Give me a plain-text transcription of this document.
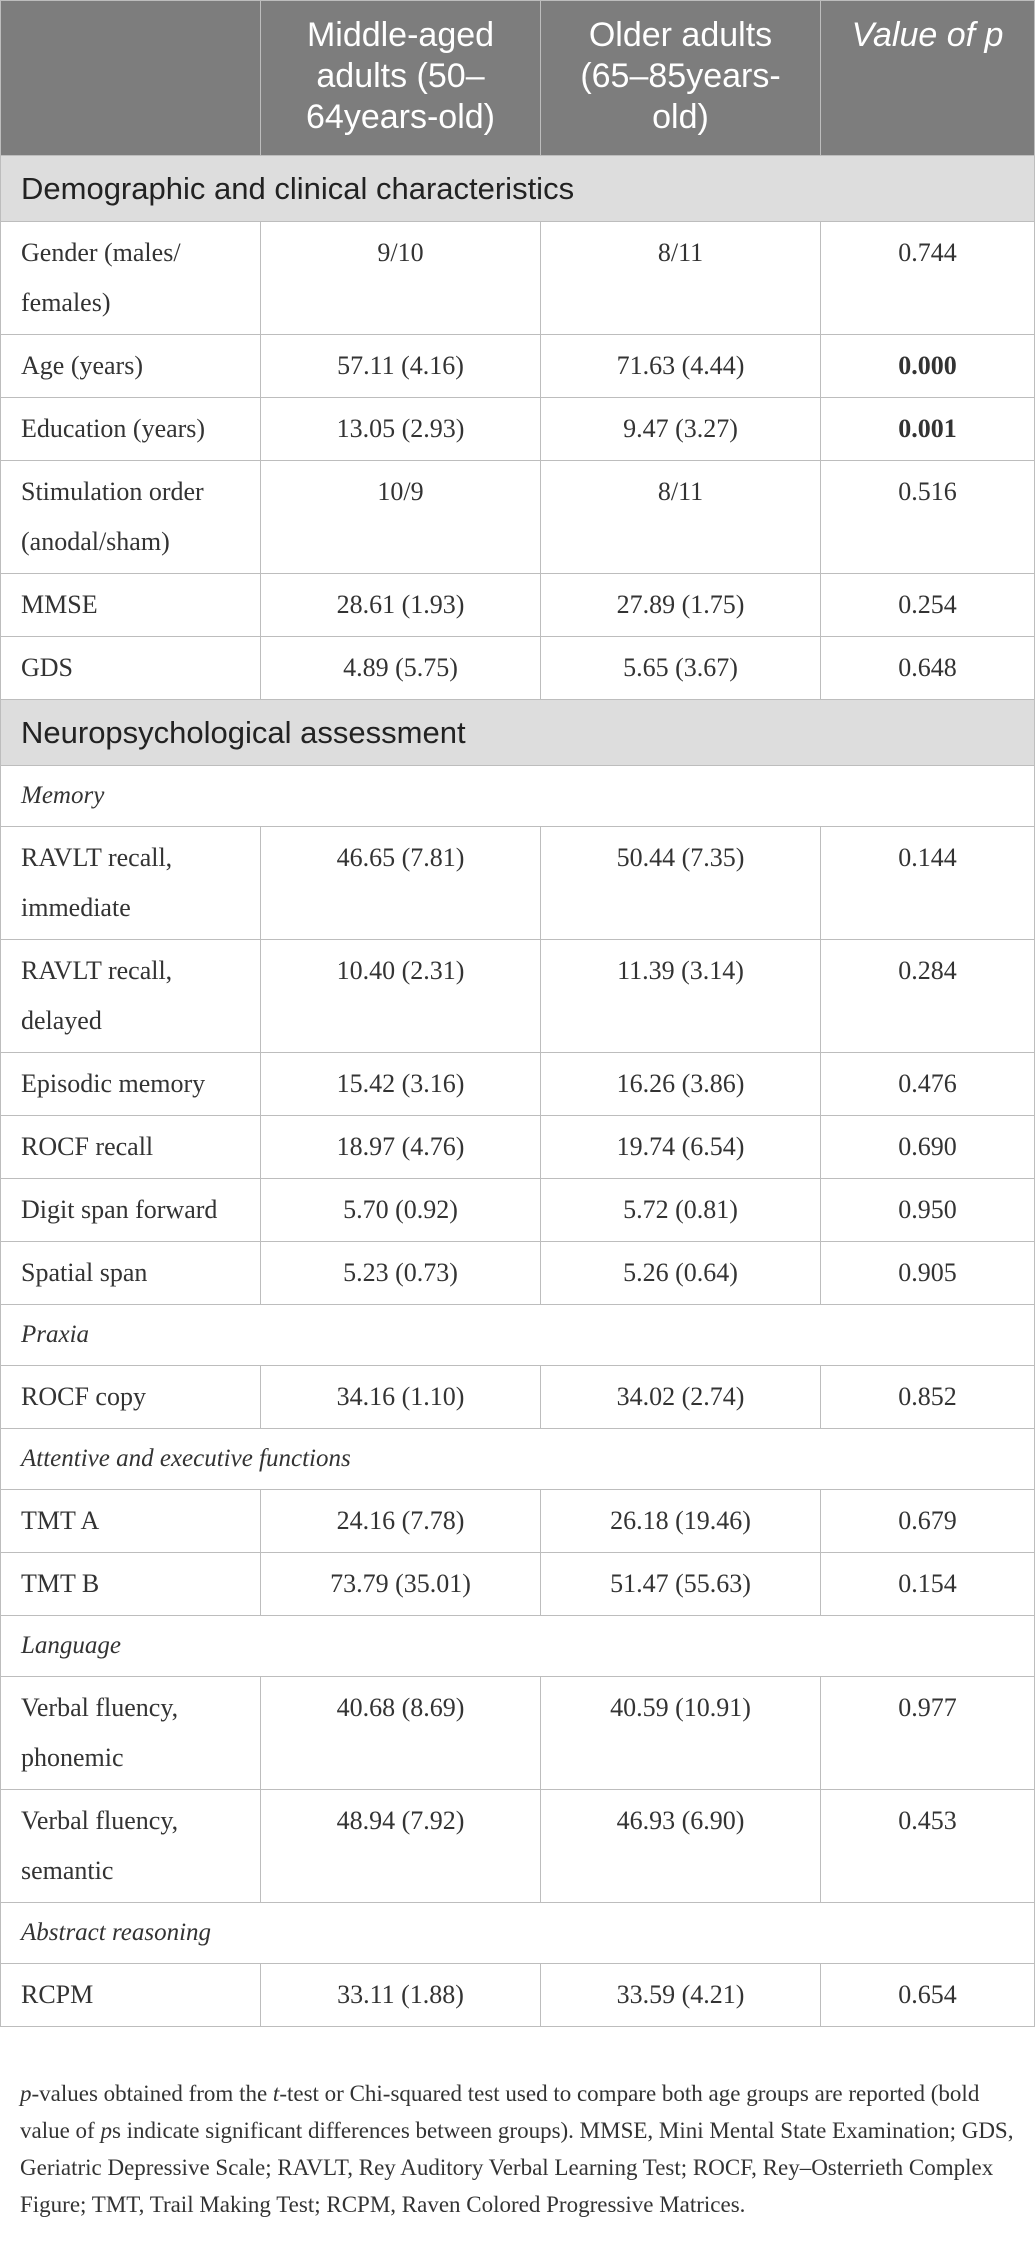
	Middle-aged adults (50–64years-old)	Older adults (65–85years-old)	Value of p
Demographic and clinical characteristics			
Gender (males/ females)	9/10	8/11	0.744
Age (years)	57.11 (4.16)	71.63 (4.44)	0.000
Education (years)	13.05 (2.93)	9.47 (3.27)	0.001
Stimulation order (anodal/sham)	10/9	8/11	0.516
MMSE	28.61 (1.93)	27.89 (1.75)	0.254
GDS	4.89 (5.75)	5.65 (3.67)	0.648
Neuropsychological assessment			
Memory			
RAVLT recall, immediate	46.65 (7.81)	50.44 (7.35)	0.144
RAVLT recall, delayed	10.40 (2.31)	11.39 (3.14)	0.284
Episodic memory	15.42 (3.16)	16.26 (3.86)	0.476
ROCF recall	18.97 (4.76)	19.74 (6.54)	0.690
Digit span forward	5.70 (0.92)	5.72 (0.81)	0.950
Spatial span	5.23 (0.73)	5.26 (0.64)	0.905
Praxia			
ROCF copy	34.16 (1.10)	34.02 (2.74)	0.852
Attentive and executive functions			
TMT A	24.16 (7.78)	26.18 (19.46)	0.679
TMT B	73.79 (35.01)	51.47 (55.63)	0.154
Language			
Verbal fluency, phonemic	40.68 (8.69)	40.59 (10.91)	0.977
Verbal fluency, semantic	48.94 (7.92)	46.93 (6.90)	0.453
Abstract reasoning			
RCPM	33.11 (1.88)	33.59 (4.21)	0.654

p-values obtained from the t-test or Chi-squared test used to compare both age groups are reported (bold value of ps indicate significant differences between groups). MMSE, Mini Mental State Examination; GDS, Geriatric Depressive Scale; RAVLT, Rey Auditory Verbal Learning Test; ROCF, Rey–Osterrieth Complex Figure; TMT, Trail Making Test; RCPM, Raven Colored Progressive Matrices.
